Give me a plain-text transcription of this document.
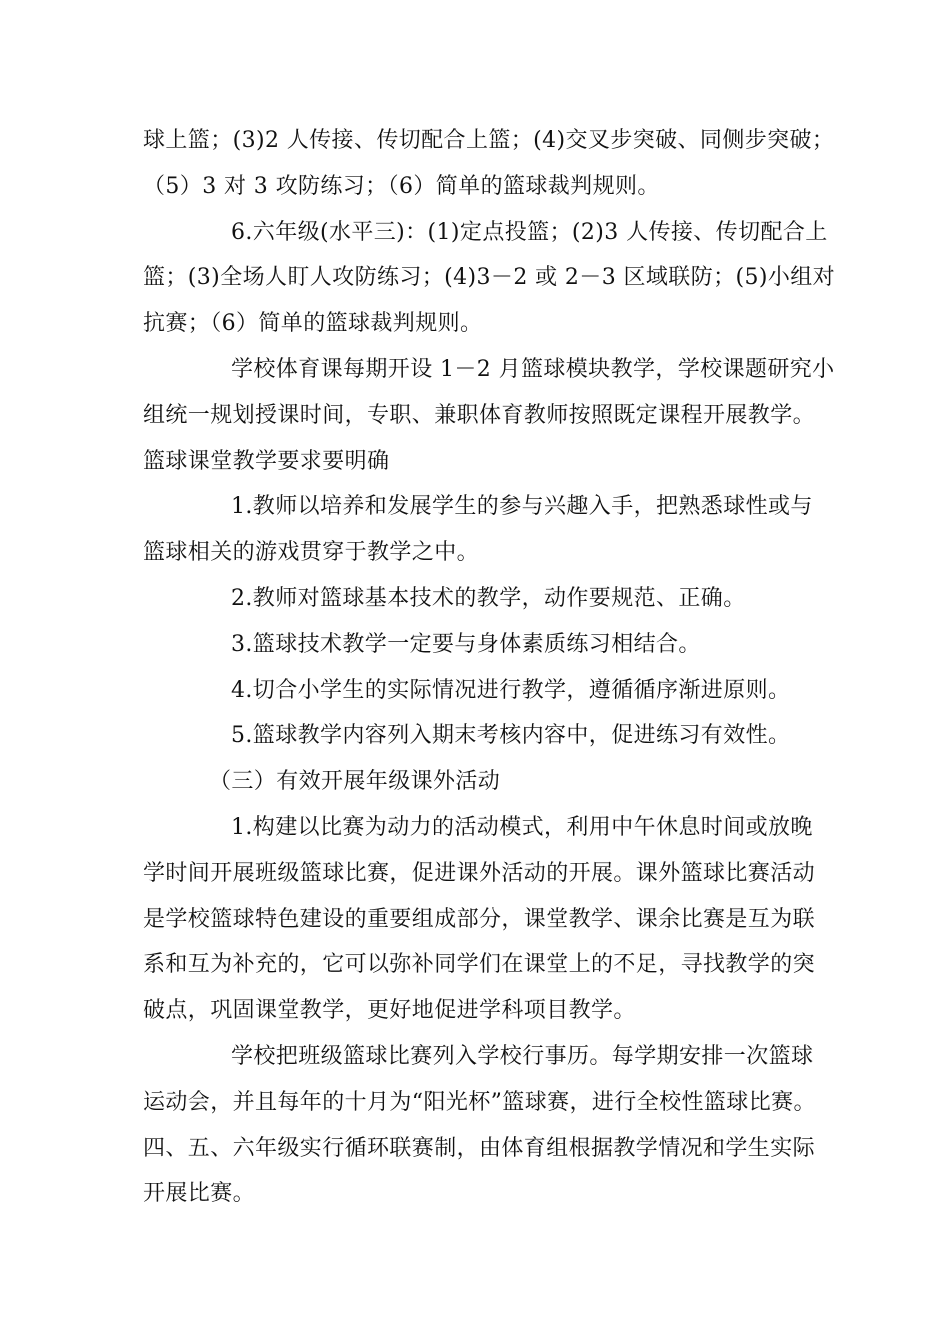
球上篮；(3)2 人传接、传切配合上篮；(4)交叉步突破、同侧步突破；
（5）3 对 3 攻防练习；（6）简单的篮球裁判规则。
6.六年级(水平三)：(1)定点投篮；(2)3 人传接、传切配合上
篮；(3)全场人盯人攻防练习；(4)3－2 或 2－3 区域联防；(5)小组对
抗赛；（6）简单的篮球裁判规则。
学校体育课每期开设 1－2 月篮球模块教学，学校课题研究小
组统一规划授课时间，专职、兼职体育教师按照既定课程开展教学。
篮球课堂教学要求要明确
1.教师以培养和发展学生的参与兴趣入手，把熟悉球性或与
篮球相关的游戏贯穿于教学之中。
2.教师对篮球基本技术的教学，动作要规范、正确。
3.篮球技术教学一定要与身体素质练习相结合。
4.切合小学生的实际情况进行教学，遵循循序渐进原则。
5.篮球教学内容列入期末考核内容中，促进练习有效性。
（三）有效开展年级课外活动
1.构建以比赛为动力的活动模式，利用中午休息时间或放晚
学时间开展班级篮球比赛，促进课外活动的开展。课外篮球比赛活动
是学校篮球特色建设的重要组成部分，课堂教学、课余比赛是互为联
系和互为补充的，它可以弥补同学们在课堂上的不足，寻找教学的突
破点，巩固课堂教学，更好地促进学科项目教学。
学校把班级篮球比赛列入学校行事历。每学期安排一次篮球
运动会，并且每年的十月为“阳光杯”篮球赛，进行全校性篮球比赛。
四、五、六年级实行循环联赛制，由体育组根据教学情况和学生实际
开展比赛。
